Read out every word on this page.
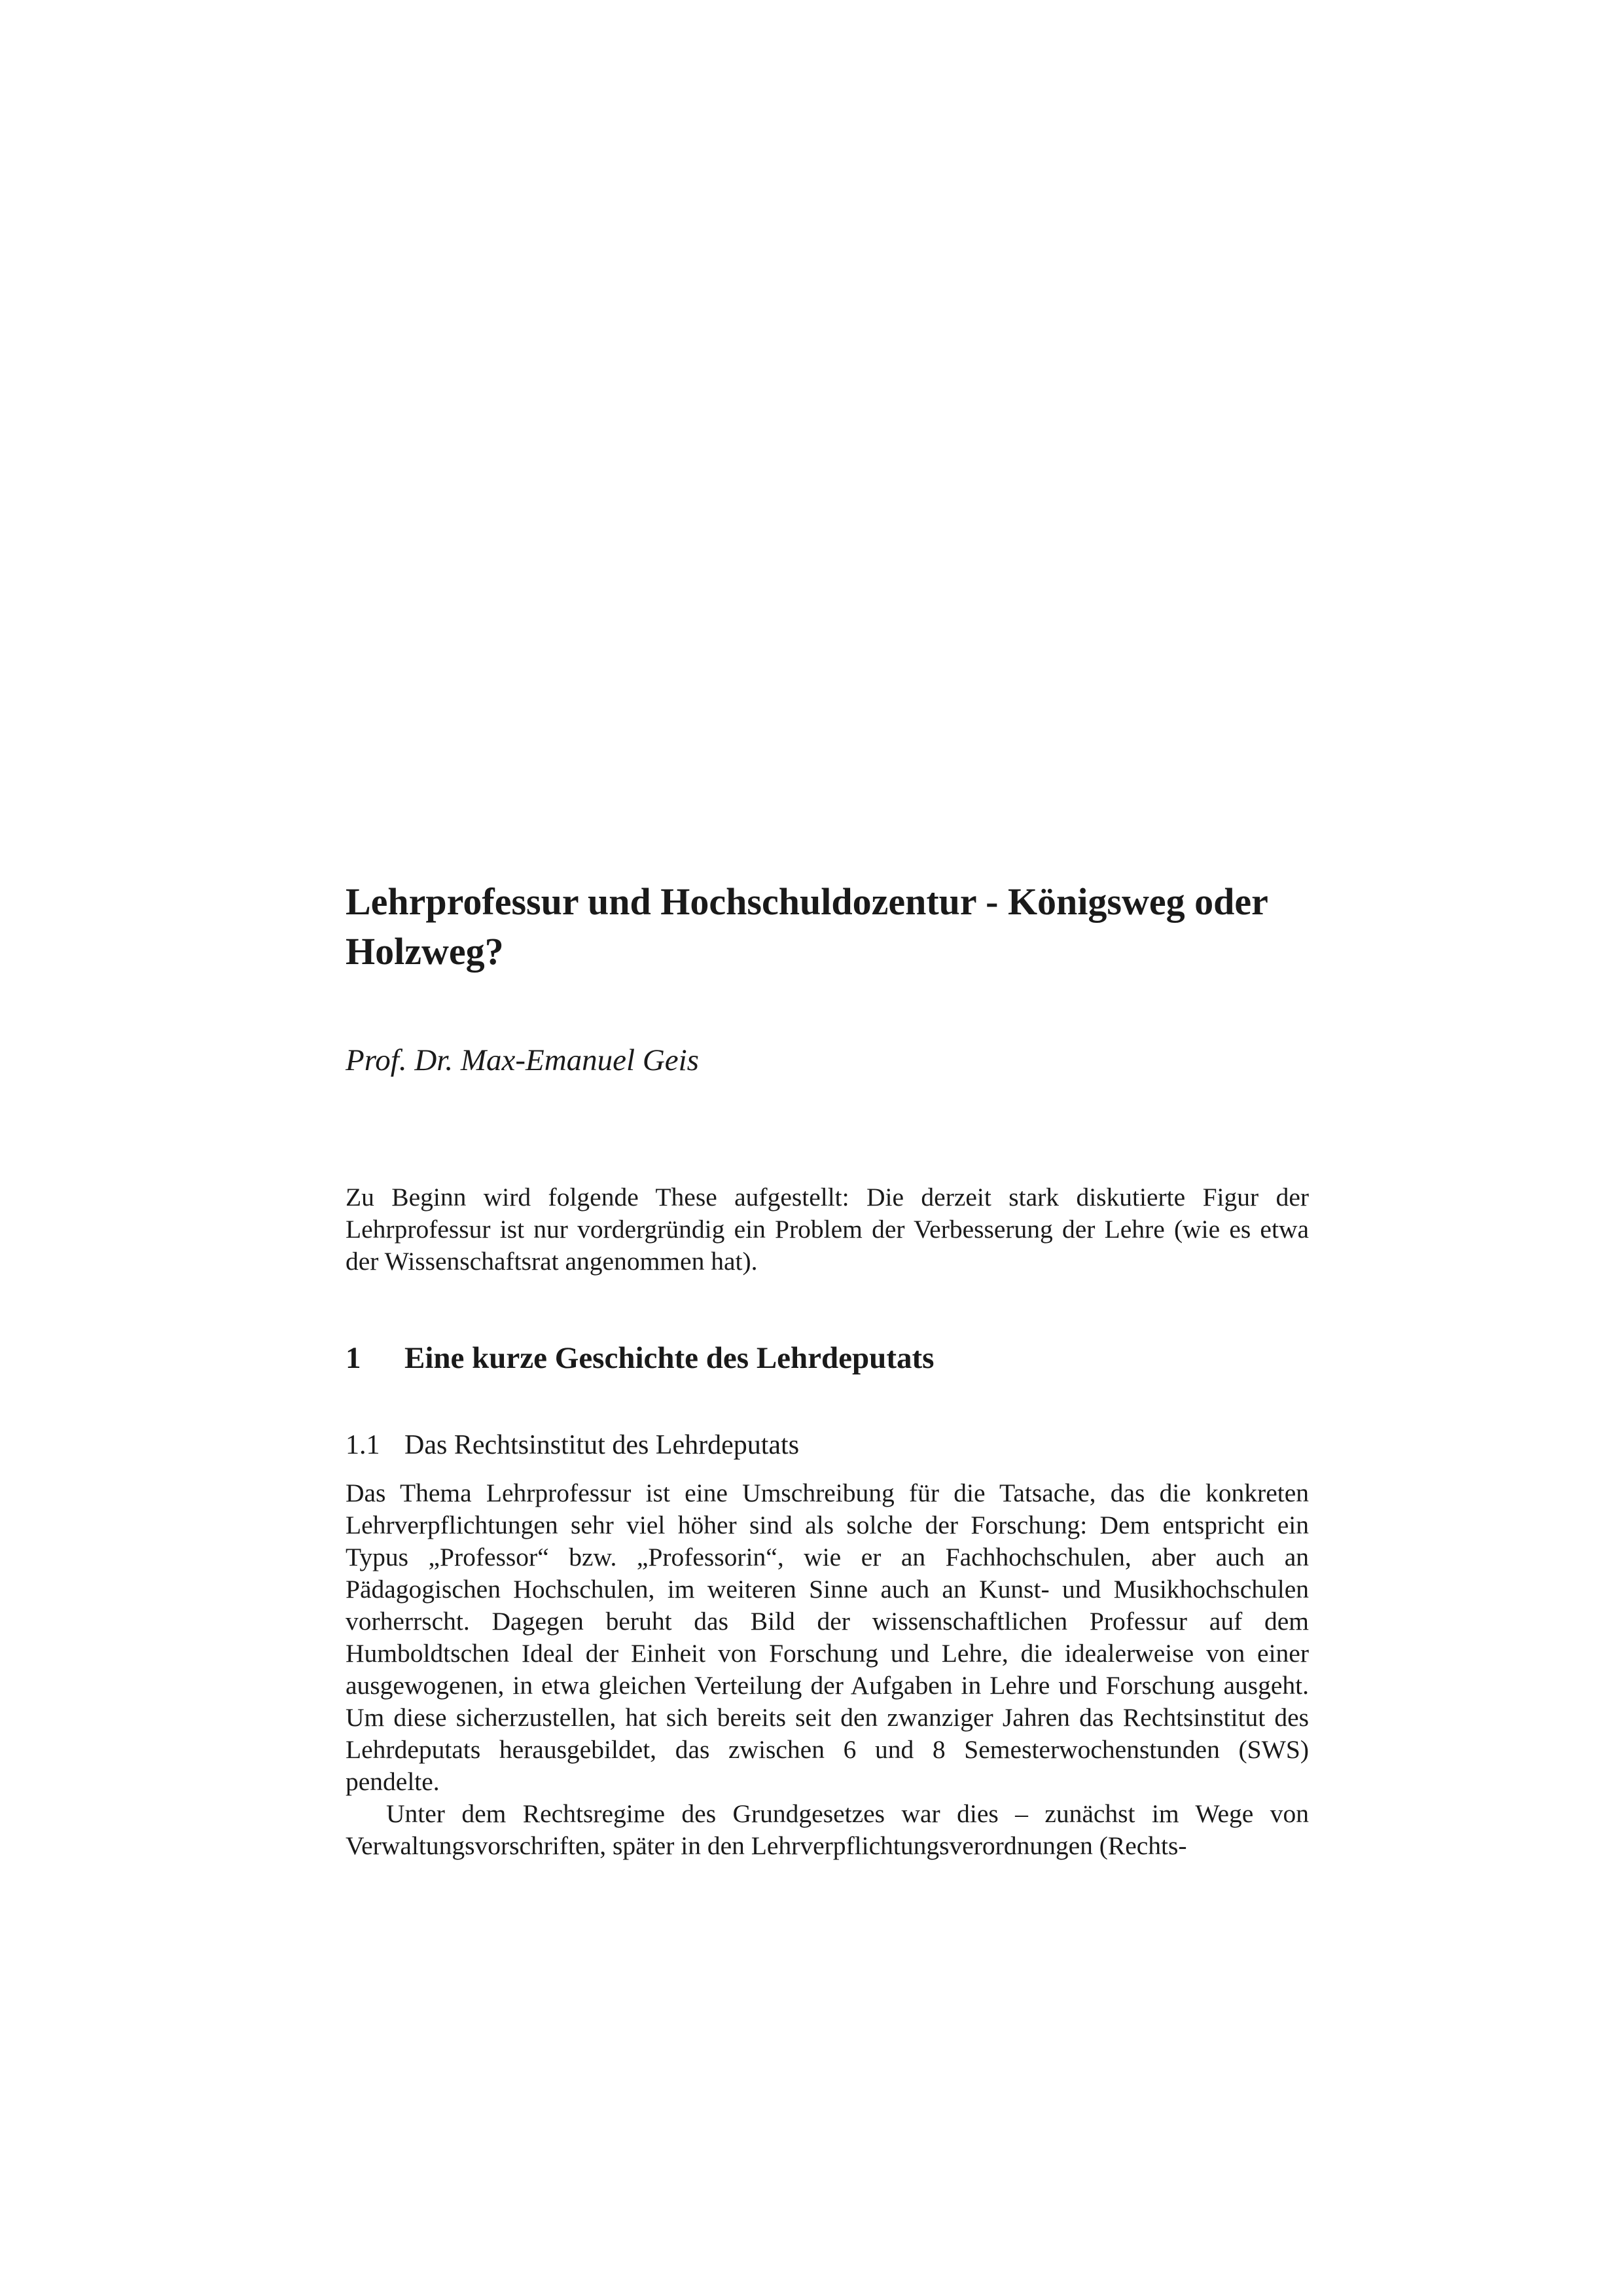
Lehrprofessur und Hochschuldozentur - Königsweg oder Holzweg?

Prof. Dr. Max-Emanuel Geis

Zu Beginn wird folgende These aufgestellt: Die derzeit stark diskutierte Figur der Lehrprofessur ist nur vordergründig ein Problem der Verbesserung der Lehre (wie es etwa der Wissenschaftsrat angenommen hat).

1 Eine kurze Geschichte des Lehrdeputats
1.1 Das Rechtsinstitut des Lehrdeputats

Das Thema Lehrprofessur ist eine Umschreibung für die Tatsache, das die konkreten Lehrverpflichtungen sehr viel höher sind als solche der Forschung: Dem entspricht ein Typus „Professor“ bzw. „Professorin“, wie er an Fachhochschulen, aber auch an Pädagogischen Hochschulen, im weiteren Sinne auch an Kunst- und Musikhochschulen vorherrscht. Dagegen beruht das Bild der wissenschaftlichen Professur auf dem Humboldtschen Ideal der Einheit von Forschung und Lehre, die idealerweise von einer ausgewogenen, in etwa gleichen Verteilung der Aufgaben in Lehre und Forschung ausgeht. Um diese sicherzustellen, hat sich bereits seit den zwanziger Jahren das Rechtsinstitut des Lehrdeputats herausgebildet, das zwischen 6 und 8 Semesterwochenstunden (SWS) pendelte.

Unter dem Rechtsregime des Grundgesetzes war dies – zunächst im Wege von Verwaltungsvorschriften, später in den Lehrverpflichtungsverordnungen (Rechts-
